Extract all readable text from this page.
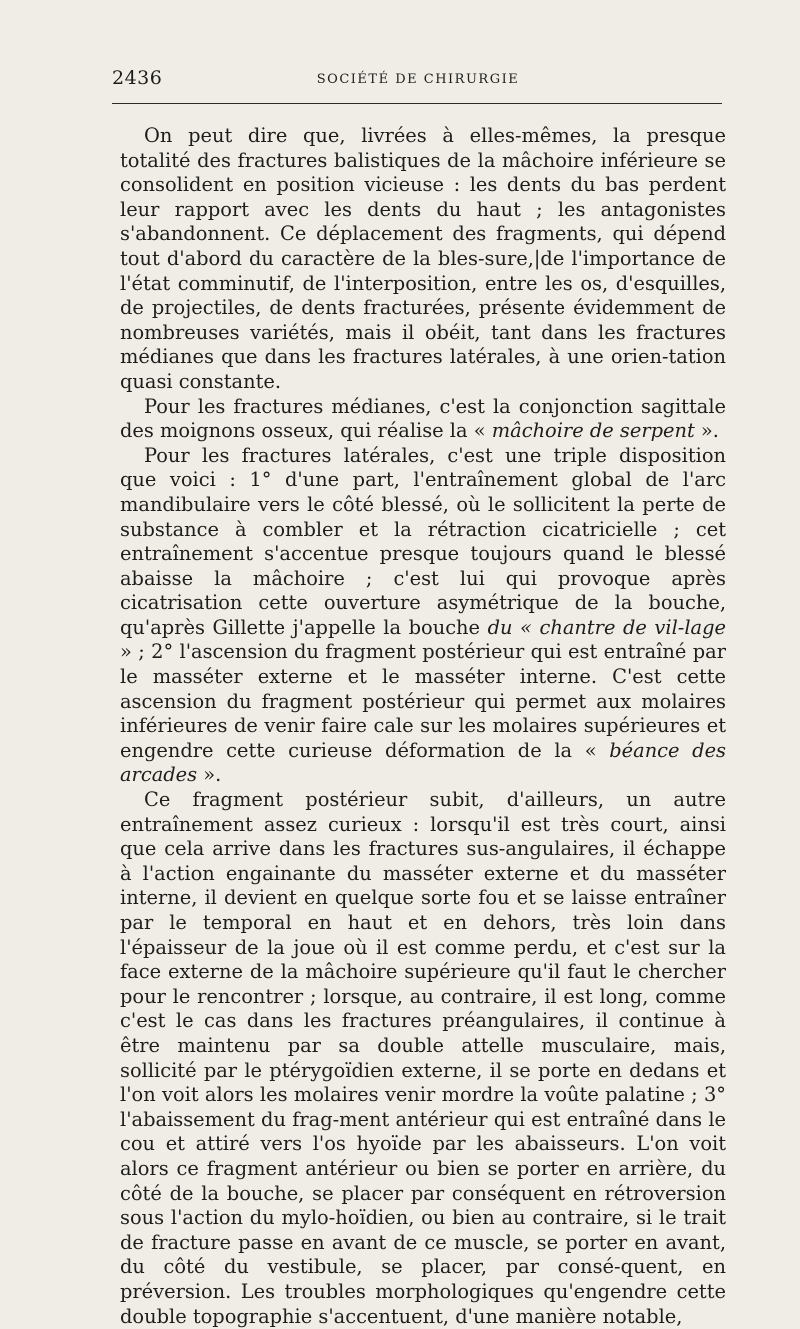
2436	SOCIÉTÉ DE CHIRURGIE

On peut dire que, livrées à elles-mêmes, la presque totalité des fractures balistiques de la mâchoire inférieure se consolident en position vicieuse : les dents du bas perdent leur rapport avec les dents du haut ; les antagonistes s'abandonnent. Ce déplacement des fragments, qui dépend tout d'abord du caractère de la bles-sure,|de l'importance de l'état comminutif, de l'interposition, entre les os, d'esquilles, de projectiles, de dents fracturées, présente évidemment de nombreuses variétés, mais il obéit, tant dans les fractures médianes que dans les fractures latérales, à une orien-tation quasi constante.

Pour les fractures médianes, c'est la conjonction sagittale des moignons osseux, qui réalise la « mâchoire de serpent ».

Pour les fractures latérales, c'est une triple disposition que voici : 1° d'une part, l'entraînement global de l'arc mandibulaire vers le côté blessé, où le sollicitent la perte de substance à combler et la rétraction cicatricielle ; cet entraînement s'accentue presque toujours quand le blessé abaisse la mâchoire ; c'est lui qui provoque après cicatrisation cette ouverture asymétrique de la bouche, qu'après Gillette j'appelle la bouche du « chantre de vil-lage » ; 2° l'ascension du fragment postérieur qui est entraîné par le masséter externe et le masséter interne. C'est cette ascension du fragment postérieur qui permet aux molaires inférieures de venir faire cale sur les molaires supérieures et engendre cette curieuse déformation de la « béance des arcades ».

Ce fragment postérieur subit, d'ailleurs, un autre entraînement assez curieux : lorsqu'il est très court, ainsi que cela arrive dans les fractures sus-angulaires, il échappe à l'action engainante du masséter externe et du masséter interne, il devient en quelque sorte fou et se laisse entraîner par le temporal en haut et en dehors, très loin dans l'épaisseur de la joue où il est comme perdu, et c'est sur la face externe de la mâchoire supérieure qu'il faut le chercher pour le rencontrer ; lorsque, au contraire, il est long, comme c'est le cas dans les fractures préangulaires, il continue à être maintenu par sa double attelle musculaire, mais, sollicité par le ptérygoïdien externe, il se porte en dedans et l'on voit alors les molaires venir mordre la voûte palatine ; 3° l'abaissement du frag-ment antérieur qui est entraîné dans le cou et attiré vers l'os hyoïde par les abaisseurs. L'on voit alors ce fragment antérieur ou bien se porter en arrière, du côté de la bouche, se placer par conséquent en rétroversion sous l'action du mylo-hoïdien, ou bien au contraire, si le trait de fracture passe en avant de ce muscle, se porter en avant, du côté du vestibule, se placer, par consé-quent, en préversion. Les troubles morphologiques qu'engendre cette double topographie s'accentuent, d'une manière notable,
